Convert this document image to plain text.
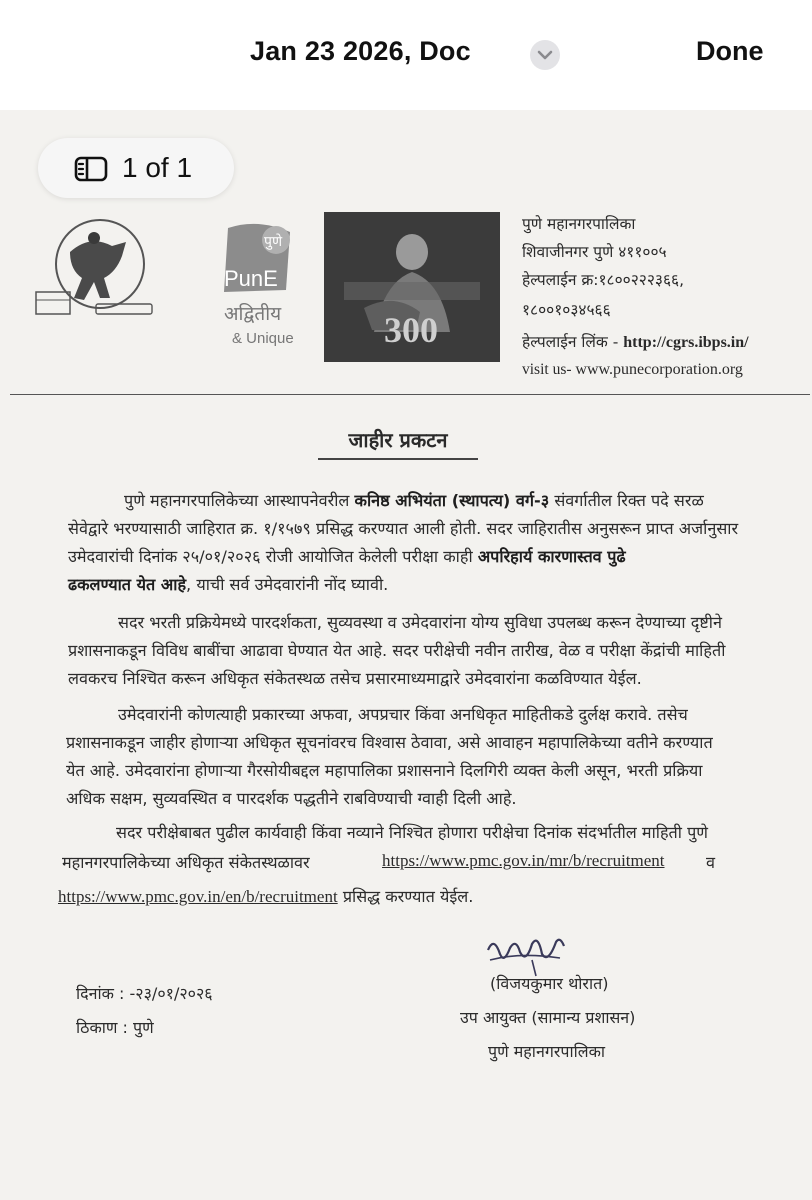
Jan 23 2026, Doc	Done
1 of 1
पुणे
PunE
अद्वितीय
& Unique	300
पुणे महानगरपालिका
शिवाजीनगर पुणे ४११००५
हेल्पलाईन क्र:१८००२२२३६६,
१८००१०३४५६६
हेल्पलाईन लिंक - http://cgrs.ibps.in/
visit us- www.punecorporation.org
जाहीर प्रकटन
पुणे महानगरपालिकेच्या आस्थापनेवरील कनिष्ठ अभियंता (स्थापत्य) वर्ग-३ संवर्गातील रिक्त पदे सरळ
सेवेद्वारे भरण्यासाठी जाहिरात क्र. १/१५७९ प्रसिद्ध करण्यात आली होती. सदर जाहिरातीस अनुसरून प्राप्त अर्जानुसार
उमेदवारांची दिनांक २५/०१/२०२६ रोजी आयोजित केलेली परीक्षा काही अपरिहार्य कारणास्तव पुढे
ढकलण्यात येत आहे, याची सर्व उमेदवारांनी नोंद घ्यावी.
सदर भरती प्रक्रियेमध्ये पारदर्शकता, सुव्यवस्था व उमेदवारांना योग्य सुविधा उपलब्ध करून देण्याच्या दृष्टीने
प्रशासनाकडून विविध बाबींचा आढावा घेण्यात येत आहे. सदर परीक्षेची नवीन तारीख, वेळ व परीक्षा केंद्रांची माहिती
लवकरच निश्चित करून अधिकृत संकेतस्थळ तसेच प्रसारमाध्यमाद्वारे उमेदवारांना कळविण्यात येईल.
उमेदवारांनी कोणत्याही प्रकारच्या अफवा, अपप्रचार किंवा अनधिकृत माहितीकडे दुर्लक्ष करावे. तसेच
प्रशासनाकडून जाहीर होणाऱ्या अधिकृत सूचनांवरच विश्वास ठेवावा, असे आवाहन महापालिकेच्या वतीने करण्यात
येत आहे. उमेदवारांना होणाऱ्या गैरसोयीबद्दल महापालिका प्रशासनाने दिलगिरी व्यक्त केली असून, भरती प्रक्रिया
अधिक सक्षम, सुव्यवस्थित व पारदर्शक पद्धतीने राबविण्याची ग्वाही दिली आहे.
सदर परीक्षेबाबत पुढील कार्यवाही किंवा नव्याने निश्चित होणारा परीक्षेचा दिनांक संदर्भातील माहिती पुणे
महानगरपालिकेच्या अधिकृत संकेतस्थळावर	https://www.pmc.gov.in/mr/b/recruitment	व
https://www.pmc.gov.in/en/b/recruitment प्रसिद्ध करण्यात येईल.
(विजयकुमार थोरात)
उप आयुक्त (सामान्य प्रशासन)
पुणे महानगरपालिका
दिनांक : -२३/०१/२०२६
ठिकाण : पुणे
